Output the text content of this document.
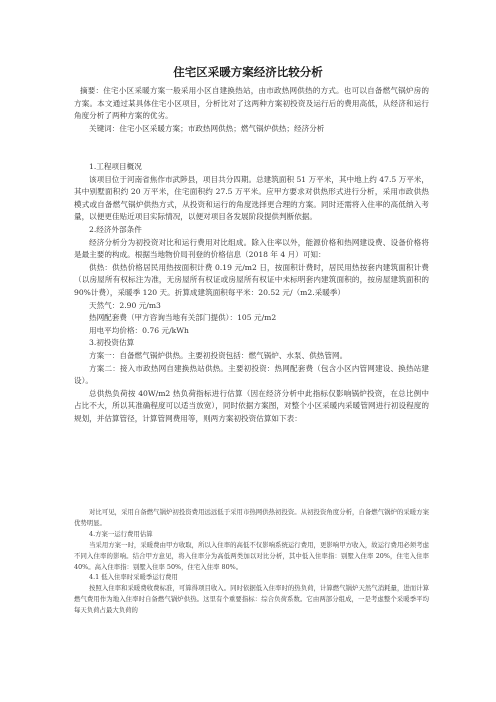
住宅区采暖方案经济比较分析

摘要：住宅小区采暖方案一般采用小区自建换热站，由市政热网供热的方式。也可以自备燃气锅炉房的方案。本文通过某具体住宅小区项目，分析比对了这两种方案初投资及运行后的费用高低，从经济和运行角度分析了两种方案的优劣。

关键词：住宅小区采暖方案；市政热网供热；燃气锅炉供热；经济分析

1.工程项目概况

该项目位于河南省焦作市武陟县，项目共分四期。总建筑面积 51 万平米，其中地上约 47.5 万平米，其中别墅面积约 20 万平米，住宅面积约 27.5 万平米。应甲方要求对供热形式进行分析，采用市政供热模式或自备燃气锅炉供热方式，从投资和运行的角度选择更合理的方案。同时还需将入住率的高低纳入考量，以便更佳贴近项目实际情况，以便对项目各发展阶段提供判断依据。

2.经济外部条件

经济分析分为初投资对比和运行费用对比组成。除入住率以外，能源价格和热网建设费、设备价格将是最主要的构成。根据当地物价局刊登的价格信息（2018 年 4 月）可知：

供热：供热价格居民用热按面积计费 0.19 元/m2 日，按面积计费时，居民用热按套内建筑面积计费（以房屋所有权标注为准，无房屋所有权证或房屋所有权证中未标明套内建筑面积的，按房屋建筑面积的90%计费），采暖季 120 天。折算成建筑面积每平米：20.52 元/（m2.采暖季）

天然气：2.90 元/m3

热网配套费（甲方咨询当地有关部门提供）：105 元/m2

用电平均价格：0.76 元/kWh

3.初投资估算

方案一：自备燃气锅炉供热。主要初投资包括：燃气锅炉、水泵、供热管网。

方案二：接入市政热网自建换热站供热。主要初投资：热网配套费（包含小区内管网建设、换热站建设）。

总供热负荷按 40W/m2 热负荷指标进行估算（因在经济分析中此指标仅影响锅炉投资，在总比例中占比不大，所以其准确程度可以适当放宽），同时依据方案图，对整个小区采暖内采暖管网进行初设程度的规划，并估算管径，计算管网费用等，则两方案初投资估算如下表：

对比可见，采用自备燃气锅炉初投资费用远远低于采用市热网供热初投资。从初投资角度分析，自备燃气锅炉的采暖方案优势明显。

4.方案一运行费用估算

当采用方案一时，采暖费由甲方收取，所以入住率的高低不仅影响系统运行费用，更影响甲方收入，故运行费用必须考虑不同入住率的影响。结合甲方意见，将入住率分为高低两类加以对比分析，其中低入住率指：别墅入住率 20%，住宅入住率 40%。高入住率指：别墅入住率 50%，住宅入住率 80%。

4.1 低入住率时采暖季运行费用

按照入住率和采暖费收费标准，可算得项目收入。同时依据低入住率时的热负荷，计算燃气锅炉天然气消耗量，进而计算燃气费用作为地入住率时自备燃气锅炉供热。这里有个重要指标：综合负荷系数。它由两部分组成，一是考虑整个采暖季平均每天负荷占最大负荷的
